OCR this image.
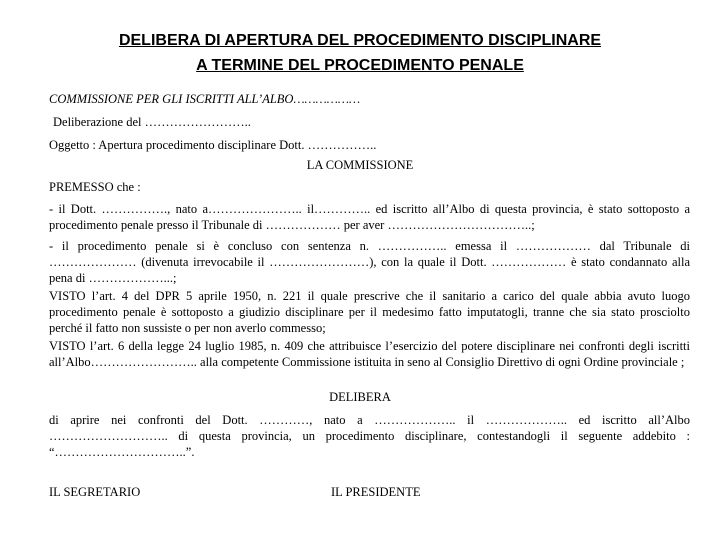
DELIBERA DI APERTURA DEL PROCEDIMENTO DISCIPLINARE
A TERMINE DEL PROCEDIMENTO PENALE
COMMISSIONE PER GLI ISCRITTI ALL’ALBO………………
Deliberazione del ……………………..
Oggetto : Apertura procedimento disciplinare Dott. ……………..
LA COMMISSIONE
PREMESSO che :
- il Dott. ……………., nato a………………….. il………….. ed iscritto all’Albo di questa provincia, è stato sottoposto a procedimento penale presso il Tribunale di ……………… per aver ……………………………..;
- il procedimento penale si è concluso con sentenza n. …………….. emessa il ……………… dal Tribunale di ………………… (divenuta irrevocabile il ……………………), con la quale il Dott. ……………… è stato condannato alla pena di ………………...;
VISTO l’art. 4 del DPR 5 aprile 1950, n. 221 il quale prescrive che il sanitario a carico del quale abbia avuto luogo procedimento penale è sottoposto a giudizio disciplinare per il medesimo fatto imputatogli, tranne che sia stato prosciolto perché il fatto non sussiste o per non averlo commesso;
VISTO l’art. 6 della legge 24 luglio 1985, n. 409 che attribuisce l’esercizio del potere disciplinare nei confronti degli iscritti all’Albo…………………….. alla competente Commissione istituita in seno al Consiglio Direttivo di ogni Ordine provinciale ;
DELIBERA
di aprire nei confronti del Dott. …………, nato a ……………….. il ……………….. ed iscritto all’Albo ……………………….. di questa provincia, un procedimento disciplinare, contestandogli il seguente addebito : “…………………………..”.
IL SEGRETARIO	IL PRESIDENTE
